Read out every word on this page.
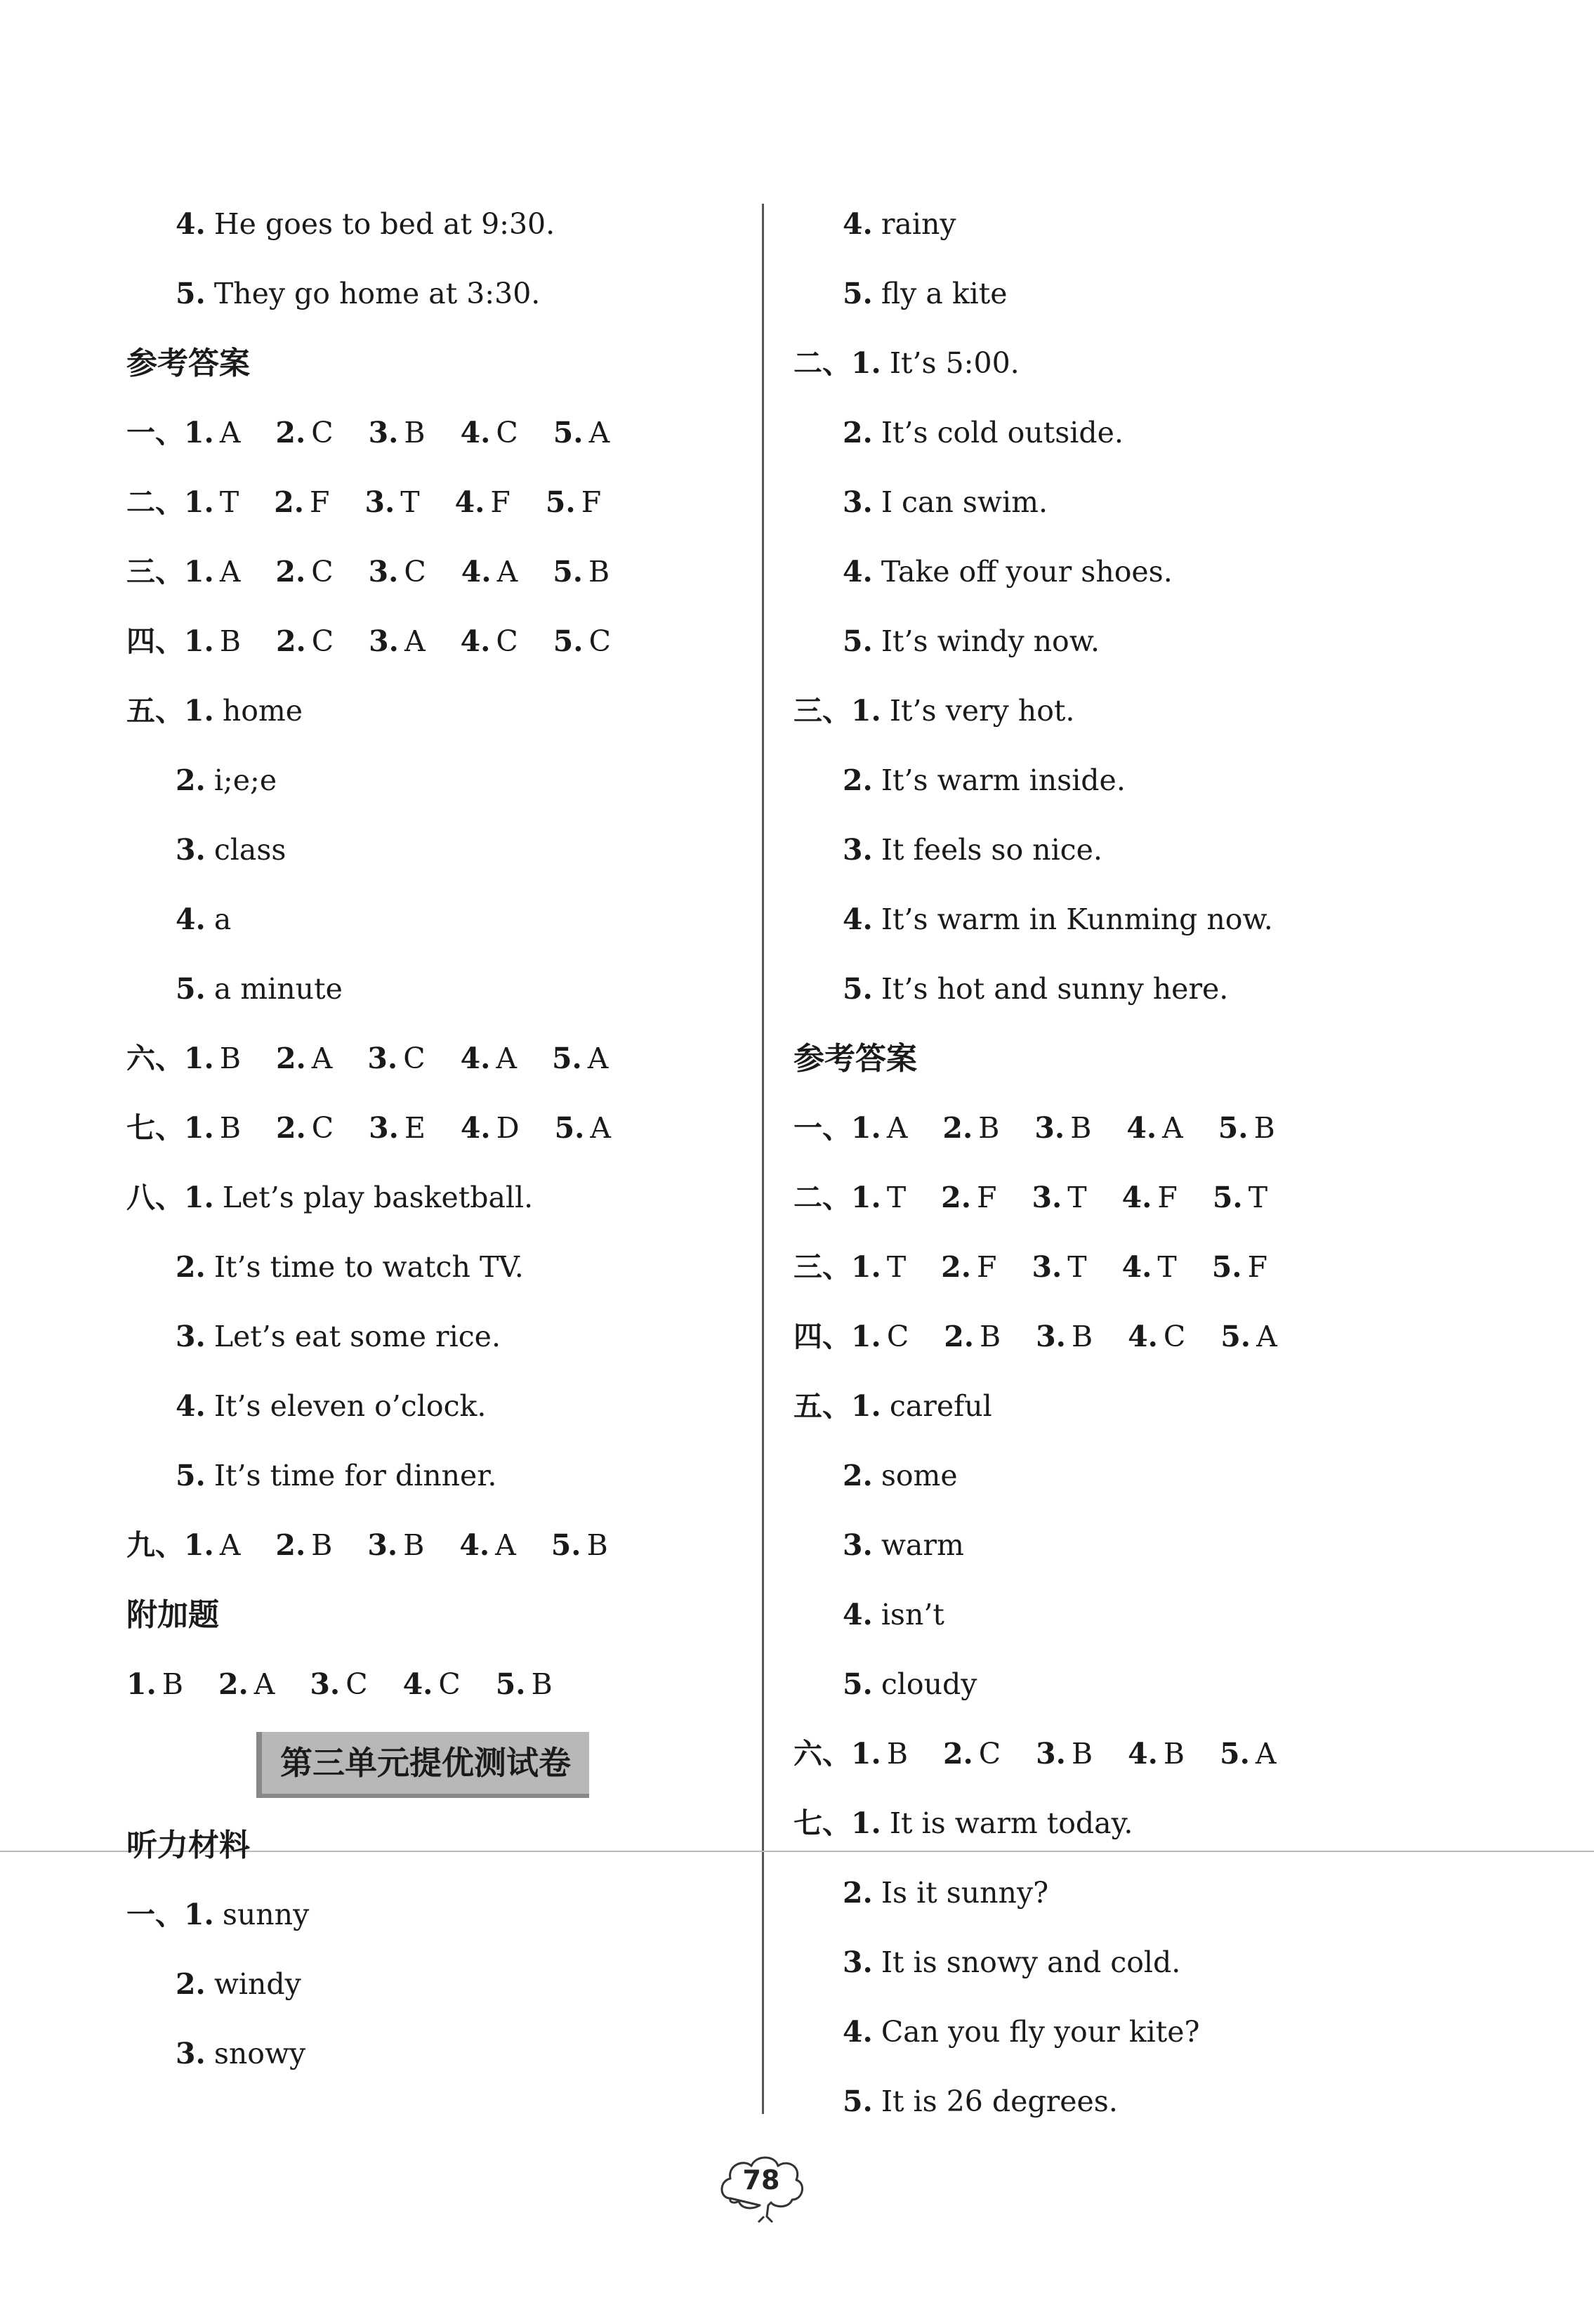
4. He goes to bed at 9:30.
5. They go home at 3:30.
参考答案
一、1. A 2. C 3. B 4. C 5. A
二、1. T 2. F 3. T 4. F 5. F
三、1. A 2. C 3. C 4. A 5. B
四、1. B 2. C 3. A 4. C 5. C
五、1. home
2. i;e;e
3. class
4. a
5. a minute
六、1. B 2. A 3. C 4. A 5. A
七、1. B 2. C 3. E 4. D 5. A
八、1. Let’s play basketball.
2. It’s time to watch TV.
3. Let’s eat some rice.
4. It’s eleven o’clock.
5. It’s time for dinner.
九、1. A 2. B 3. B 4. A 5. B
附加题
1. B 2. A 3. C 4. C 5. B
第三单元提优测试卷
听力材料
一、1. sunny
2. windy
3. snowy
4. rainy
5. fly a kite
二、1. It’s 5:00.
2. It’s cold outside.
3. I can swim.
4. Take off your shoes.
5. It’s windy now.
三、1. It’s very hot.
2. It’s warm inside.
3. It feels so nice.
4. It’s warm in Kunming now.
5. It’s hot and sunny here.
参考答案
一、1. A 2. B 3. B 4. A 5. B
二、1. T 2. F 3. T 4. F 5. T
三、1. T 2. F 3. T 4. T 5. F
四、1. C 2. B 3. B 4. C 5. A
五、1. careful
2. some
3. warm
4. isn’t
5. cloudy
六、1. B 2. C 3. B 4. B 5. A
七、1. It is warm today.
2. Is it sunny?
3. It is snowy and cold.
4. Can you fly your kite?
5. It is 26 degrees.
78
